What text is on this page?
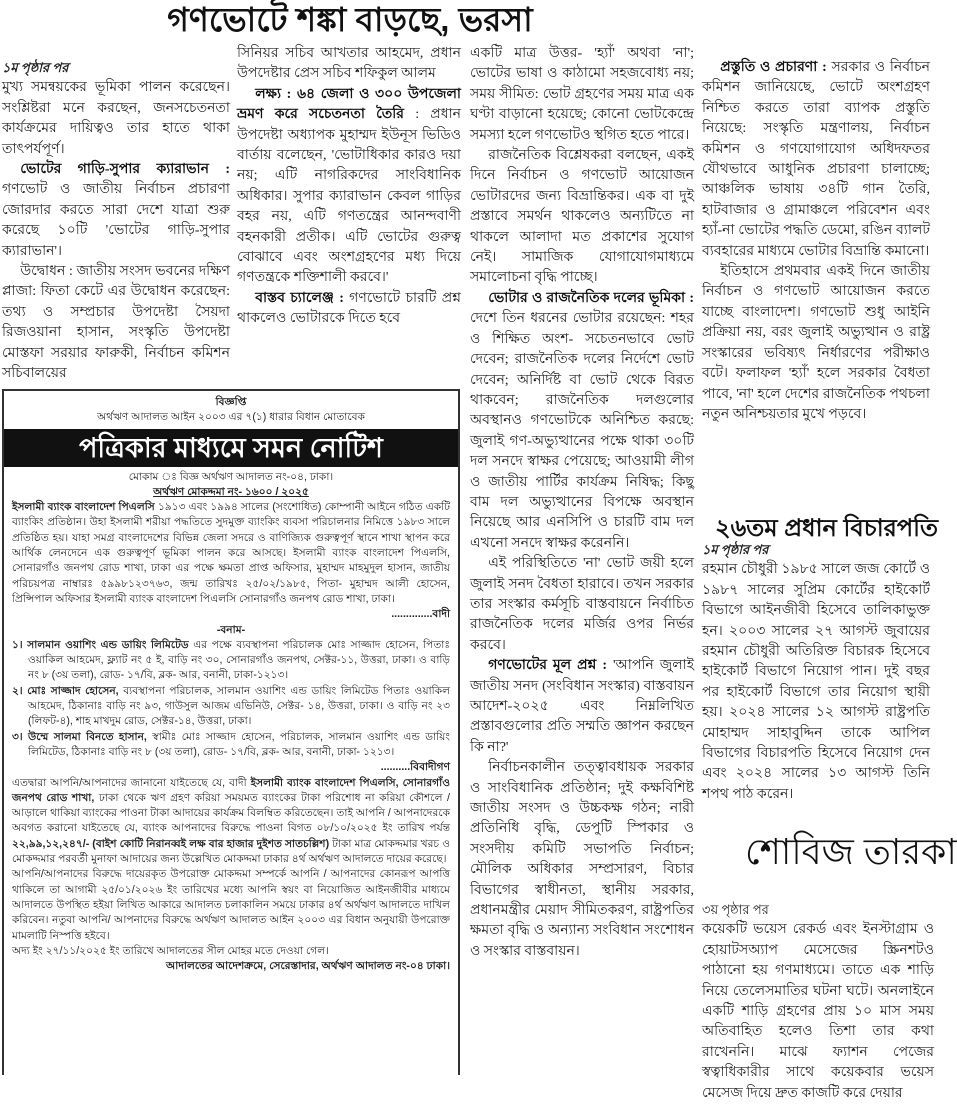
গণভোটে শঙ্কা বাড়ছে, ভরসা

১ম পৃষ্ঠার পর

মুখ্য সমন্বয়কের ভূমিকা পালন করেছেন। সংশ্লিষ্টরা মনে করছেন, জনসচেতনতা কার্যক্রমের দায়িত্বও তার হাতে থাকা তাৎপর্যপূর্ণ।

ভোটের গাড়ি-সুপার ক্যারাভান : গণভোট ও জাতীয় নির্বাচন প্রচারণা জোরদার করতে সারা দেশে যাত্রা শুরু করেছে ১০টি 'ভোটের গাড়ি-সুপার ক্যারাভান'।

উদ্বোধন : জাতীয় সংসদ ভবনের দক্ষিণ প্লাজা: ফিতা কেটে এর উদ্বোধন করেছেন: তথ্য ও সম্প্রচার উপদেষ্টা সৈয়দা রিজওয়ানা হাসান, সংস্কৃতি উপদেষ্টা মোস্তফা সরয়ার ফারুকী, নির্বাচন কমিশন সচিবালয়ের

সিনিয়র সচিব আখতার আহমেদ, প্রধান উপদেষ্টার প্রেস সচিব শফিকুল আলম

লক্ষ্য : ৬৪ জেলা ও ৩০০ উপজেলা ভ্রমণ করে সচেতনতা তৈরি : প্রধান উপদেষ্টা অধ্যাপক মুহাম্মদ ইউনূস ভিডিও বার্তায় বলেছেন, 'ভোটাধিকার কারও দয়া নয়; এটি নাগরিকদের সাংবিধানিক অধিকার। সুপার ক্যারাভান কেবল গাড়ির বহর নয়, এটি গণতন্ত্রের আনন্দবাণী বহনকারী প্রতীক। এটি ভোটের গুরুত্ব বোঝাবে এবং অংশগ্রহণের মধ্য দিয়ে গণতন্ত্রকে শক্তিশালী করবে।'

বাস্তব চ্যালেঞ্জ : গণভোটে চারটি প্রশ্ন থাকলেও ভোটারকে দিতে হবে

একটি মাত্র উত্তর- 'হ্যাঁ' অথবা 'না'; ভোটের ভাষা ও কাঠামো সহজবোধ্য নয়; সময় সীমিত: ভোট গ্রহণের সময় মাত্র এক ঘণ্টা বাড়ানো হয়েছে; কোনো ভোটকেন্দ্রে সমস্যা হলে গণভোটও স্থগিত হতে পারে।

রাজনৈতিক বিশ্লেষকরা বলছেন, একই দিনে নির্বাচন ও গণভোট আয়োজন ভোটারদের জন্য বিভ্রান্তিকর। এক বা দুই প্রস্তাবে সমর্থন থাকলেও অন্যটিতে না থাকলে আলাদা মত প্রকাশের সুযোগ নেই। সামাজিক যোগাযোগমাধ্যমে সমালোচনা বৃদ্ধি পাচ্ছে।

ভোটার ও রাজনৈতিক দলের ভূমিকা : দেশে তিন ধরনের ভোটার রয়েছেন: শহর ও শিক্ষিত অংশ- সচেতনভাবে ভোট দেবেন; রাজনৈতিক দলের নির্দেশে ভোট দেবেন; অনির্দিষ্ট বা ভোট থেকে বিরত থাকবেন; রাজনৈতিক দলগুলোর অবস্থানও গণভোটকে অনিশ্চিত করছে: জুলাই গণ-অভ্যুত্থানের পক্ষে থাকা ৩০টি দল সনদে স্বাক্ষর পেয়েছে; আওয়ামী লীগ ও জাতীয় পার্টির কার্যক্রম নিষিদ্ধ; কিছু বাম দল অভ্যুত্থানের বিপক্ষে অবস্থান নিয়েছে আর এনসিপি ও চারটি বাম দল এখনো সনদে স্বাক্ষর করেননি।

এই পরিস্থিতিতে 'না' ভোট জয়ী হলে জুলাই সনদ বৈধতা হারাবে। তখন সরকার তার সংস্কার কর্মসূচি বাস্তবায়নে নির্বাচিত রাজনৈতিক দলের মর্জির ওপর নির্ভর করবে।

গণভোটের মূল প্রশ্ন : 'আপনি জুলাই জাতীয় সনদ (সংবিধান সংস্কার) বাস্তবায়ন আদেশ-২০২৫ এবং নিম্নলিখিত প্রস্তাবগুলোর প্রতি সম্মতি জ্ঞাপন করছেন কি না?'

নির্বাচনকালীন তত্ত্বাবধায়ক সরকার ও সাংবিধানিক প্রতিষ্ঠান; দুই কক্ষবিশিষ্ট জাতীয় সংসদ ও উচ্চকক্ষ গঠন; নারী প্রতিনিধি বৃদ্ধি, ডেপুটি স্পিকার ও সংসদীয় কমিটি সভাপতি নির্বাচন; মৌলিক অধিকার সম্প্রসারণ, বিচার বিভাগের স্বাধীনতা, স্থানীয় সরকার, প্রধানমন্ত্রীর মেয়াদ সীমিতকরণ, রাষ্ট্রপতির ক্ষমতা বৃদ্ধি ও অন্যান্য সংবিধান সংশোধন ও সংস্কার বাস্তবায়ন।

প্রস্তুতি ও প্রচারণা : সরকার ও নির্বাচন কমিশন জানিয়েছে, ভোটে অংশগ্রহণ নিশ্চিত করতে তারা ব্যাপক প্রস্তুতি নিয়েছে: সংস্কৃতি মন্ত্রণালয়, নির্বাচন কমিশন ও গণযোগাযোগ অধিদফতর যৌথভাবে আধুনিক প্রচারণা চালাচ্ছে; আঞ্চলিক ভাষায় ৩৪টি গান তৈরি, হাটবাজার ও গ্রামাঞ্চলে পরিবেশন এবং হ্যাঁ-না ভোটের পদ্ধতি ডেমো, রঙিন ব্যালট ব্যবহারের মাধ্যমে ভোটার বিভ্রান্তি কমানো।

ইতিহাসে প্রথমবার একই দিনে জাতীয় নির্বাচন ও গণভোট আয়োজন করতে যাচ্ছে বাংলাদেশ। গণভোট শুধু আইনি প্রক্রিয়া নয়, বরং জুলাই অভ্যুত্থান ও রাষ্ট্র সংস্কারের ভবিষ্যৎ নির্ধারণের পরীক্ষাও বটে। ফলাফল 'হ্যাঁ' হলে সরকার বৈধতা পাবে, 'না' হলে দেশের রাজনৈতিক পথচলা নতুন অনিশ্চয়তার মুখে পড়বে।

২৬তম প্রধান বিচারপতি

১ম পৃষ্ঠার পর

রহমান চৌধুরী ১৯৮৫ সালে জজ কোর্টে ও ১৯৮৭ সালের সুপ্রিম কোর্টের হাইকোর্ট বিভাগে আইনজীবী হিসেবে তালিকাভুক্ত হন। ২০০৩ সালের ২৭ আগস্ট জুবায়ের রহমান চৌধুরী অতিরিক্ত বিচারক হিসেবে হাইকোর্ট বিভাগে নিয়োগ পান। দুই বছর পর হাইকোর্ট বিভাগে তার নিয়োগ স্থায়ী হয়। ২০২৪ সালের ১২ আগস্ট রাষ্ট্রপতি মোহাম্মদ সাহাবুদ্দিন তাকে আপিল বিভাগের বিচারপতি হিসেবে নিয়োগ দেন এবং ২০২৪ সালের ১৩ আগস্ট তিনি শপথ পাঠ করেন।

শোবিজ তারকা

৩য় পৃষ্ঠার পর

কয়েকটি ভয়েস রেকর্ড এবং ইনস্টাগ্রাম ও হোয়াটসঅ্যাপ মেসেজের স্ক্রিনশটও পাঠানো হয় গণমাধ্যমে। তাতে এক শাড়ি নিয়ে তেলেসমাতির ঘটনা ঘটে। অনলাইনে একটি শাড়ি গ্রহণের প্রায় ১০ মাস সময় অতিবাহিত হলেও তিশা তার কথা রাখেননি। মাঝে ফ্যাশন পেজের স্বত্বাধিকারীর সাথে কয়েকবার ভয়েস মেসেজ দিয়ে দ্রুত কাজটি করে দেয়ার

বিজ্ঞপ্তি
অর্থঋণ আদালত আইন ২০০৩ এর ৭(১) ধারার বিধান মোতাবেক
পত্রিকার মাধ্যমে সমন নোটিশ
মোকাম ঃ বিজ্ঞ অর্থঋণ আদালত নং-০৪, ঢাকা।
অর্থঋণ মোকদ্দমা নং- ১৬০০ / ২০২৫

ইসলামী ব্যাংক বাংলাদেশ পিএলসি ১৯১৩ এবং ১৯৯৪ সালের (সংশোধিত) কোম্পানী আইনে গঠিত একটি ব্যাংকিং প্রতিষ্ঠান। উহা ইসলামী শরীয়া পদ্ধতিতে সুদমুক্ত ব্যাংকিং ব্যবসা পরিচালনার নিমিত্তে ১৯৮৩ সালে প্রতিষ্ঠিত হয়। যাহা সমগ্র বাংলাদেশের বিভিন্ন জেলা সদরে ও বাণিজ্যিক গুরুত্বপূর্ণ স্থানে শাখা স্থাপন করে আর্থিক লেনদেনে এক গুরুত্বপূর্ণ ভূমিকা পালন করে আসছে। ইসলামী ব্যাংক বাংলাদেশ পিএলসি, সোনারগাঁও জনপথ রোড শাখা, ঢাকা এর পক্ষে ক্ষমতা প্রাপ্ত অফিসার, মুহাম্মদ মাহমুদুল হাসান, জাতীয় পরিচয়পত্র নাম্বারঃ ৫৯৯৮১২৩৭৬৩, জন্ম তারিখঃ ২৫/০২/১৯৮৫, পিতা- মুহাম্মদ আলী হোসেন, প্রিন্সিপাল অফিসার ইসলামী ব্যাংক বাংলাদেশ পিএলসি সোনারগাঁও জনপথ রোড শাখা, ঢাকা।

..............বাদী

-বনাম-

১। সালমান ওয়াশিং এন্ড ডায়িং লিমিটেড এর পক্ষে ব্যবস্থাপনা পরিচালক মোঃ সাজ্জাদ হোসেন, পিতাঃ ওয়াকিল আহমেদ, ফ্ল্যাট নং ৫ ই, বাড়ি নং ৩০, সোনারগাঁও জনপথ, সেক্টর-১১, উত্তরা, ঢাকা। ও বাড়ি নং ৮ (৩য় তলা), রোড- ১৭/বি, ব্লক- আর, বনানী, ঢাকা-১২১৩।

২। মোঃ সাজ্জাদ হোসেন, ব্যবস্থাপনা পরিচালক, সালমান ওয়াশিং এন্ড ডায়িং লিমিটেড পিতাঃ ওয়াকিল আহমেদ, ঠিকানাঃ বাড়ি নং ৯৩, গাউসুল আজম এভিনিউ, সেক্টর- ১৪, উত্তরা, ঢাকা। ও বাড়ি নং ২৩ (লিফট-৪), শাহ মাখদুম রোড, সেক্টর-১৪, উত্তরা, ঢাকা।

৩। উম্মে সালমা বিনতে হাসান, স্বামীঃ মোঃ সাজ্জাদ হোসেন, পরিচালক, সালমান ওয়াশিং এন্ড ডায়িং লিমিটেড, ঠিকানাঃ বাড়ি নং ৮ (৩য় তলা), রোড- ১৭/বি, ব্লক- আর, বনানী, ঢাকা- ১২১৩।

..........বিবাদীগণ

এতদ্বারা আপনি/আপনাদের জানানো যাইতেছে যে, বাদী ইসলামী ব্যাংক বাংলাদেশ পিএলসি, সোনারগাঁও জনপথ রোড শাখা, ঢাকা থেকে ঋণ গ্রহণ করিয়া সময়মত ব্যাংকের টাকা পরিশোধ না করিয়া কৌশলে / আড়ালে থাকিয়া ব্যাংকের পাওনা টাকা আদায়ের কার্যক্রম বিলম্বিত করিতেছেন। তাই আপনি / আপনাদেরকে অবগত করানো যাইতেছে যে, ব্যাংক আপনাদের বিরুদ্ধে পাওনা বিগত ০৮/১০/২০২৫ ইং তারিখ পর্যন্ত ২২,৯৯,১২,২৪৭/- (বাইশ কোটি নিরানব্বই লক্ষ বার হাজার দুইশত সাতচল্লিশ) টাকা মাত্র মোকদ্দমার খরচ ও মোকদ্দমার পরবর্তী মুনাফা আদায়ের জন্য উল্লেখিত মোকদ্দমা ঢাকার ৪র্থ অর্থঋণ আদালতে দায়ের করেছে।

আপনি/আপনাদের বিরুদ্ধে দায়েরকৃত উপরোক্ত মোকদ্দমা সম্পর্কে আপনি / আপনাদের কোনরূপ আপত্তি থাকিলে তা আগামী ২৫/০১/২০২৬ ইং তারিখের মধ্যে আপনি স্বয়ং বা নিয়োজিত আইনজীবীর মাধ্যমে আদালতে উপস্থিত হইয়া লিখিত আকারে আদালত চলাকালিন সময়ে ঢাকার ৪র্থ অর্থঋণ আদালতে দাখিল করিবেন। নতুবা আপনি/ আপনাদের বিরুদ্ধে অর্থঋণ আদালত আইন ২০০৩ এর বিধান অনুযায়ী উপরোক্ত মামলাটি নিস্পত্তি হইবে।

অদ্য ইং ২৭/১১/২০২৫ ইং তারিখে আদালতের সীল মোহর মতে দেওয়া গেল।

আদালতের আদেশক্রমে, সেরেস্তাদার, অর্থঋণ আদালত নং-০৪ ঢাকা।
